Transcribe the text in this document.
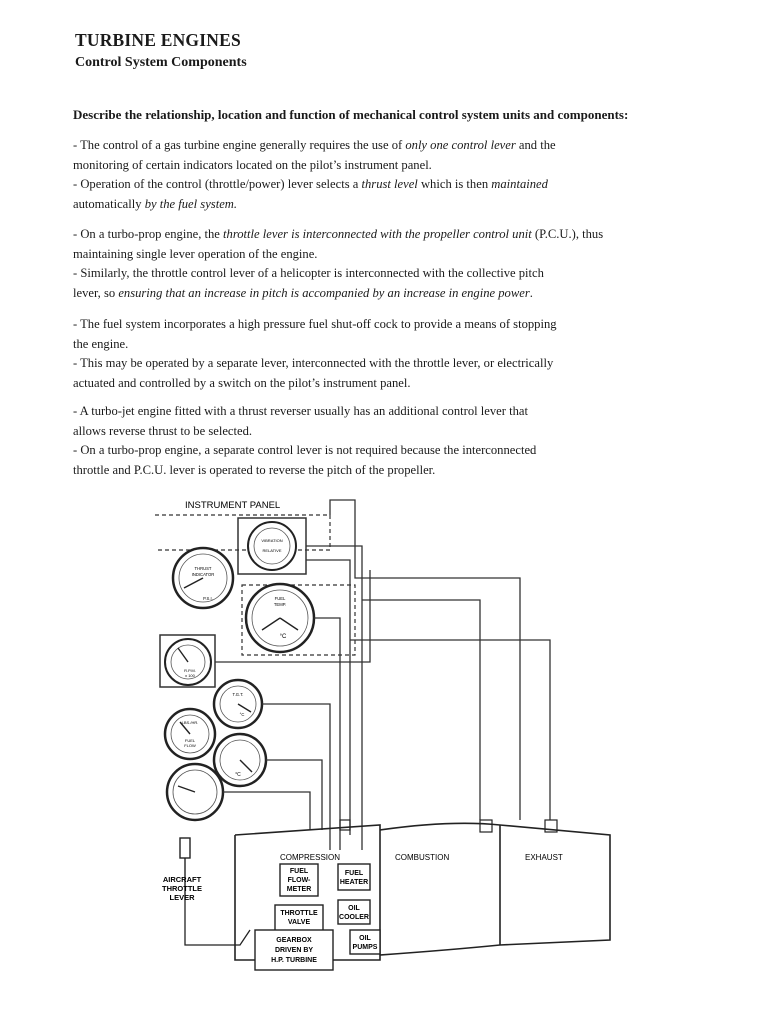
TURBINE ENGINES
Control System Components
Describe the relationship, location and function of mechanical control system units and components:
- The control of a gas turbine engine generally requires the use of only one control lever and the
monitoring of certain indicators located on the pilot’s instrument panel.
- Operation of the control (throttle/power) lever selects a thrust level which is then maintained
automatically by the fuel system.
- On a turbo-prop engine, the throttle lever is interconnected with the propeller control unit (P.C.U.), thus
maintaining single lever operation of the engine.
- Similarly, the throttle control lever of a helicopter is interconnected with the collective pitch
lever, so ensuring that an increase in pitch is accompanied by an increase in engine power.
- The fuel system incorporates a high pressure fuel shut-off cock to provide a means of stopping
the engine.
- This may be operated by a separate lever, interconnected with the throttle lever, or electrically
actuated and controlled by a switch on the pilot’s instrument panel.
- A turbo-jet engine fitted with a thrust reverser usually has an additional control lever that
allows reverse thrust to be selected.
- On a turbo-prop engine, a separate control lever is not required because the interconnected
throttle and P.C.U. lever is operated to reverse the pitch of the propeller.
INSTRUMENT PANEL
VIBRATION
RELATIVE
THRUST
INDICATOR
P.S.I.	FUEL
TEMP.
°C
R.P.M.
x 100
T.G.T.
°C
LBS./HR.
FUEL
FLOW
°C
COMPRESSION	COMBUSTION	EXHAUST
FUEL
FLOW-
METER
FUEL
HEATER
OIL
COOLER
THROTTLE
VALVE
OIL
PUMPS
GEARBOX
DRIVEN BY
H.P. TURBINE
AIRCRAFT
THROTTLE
LEVER
